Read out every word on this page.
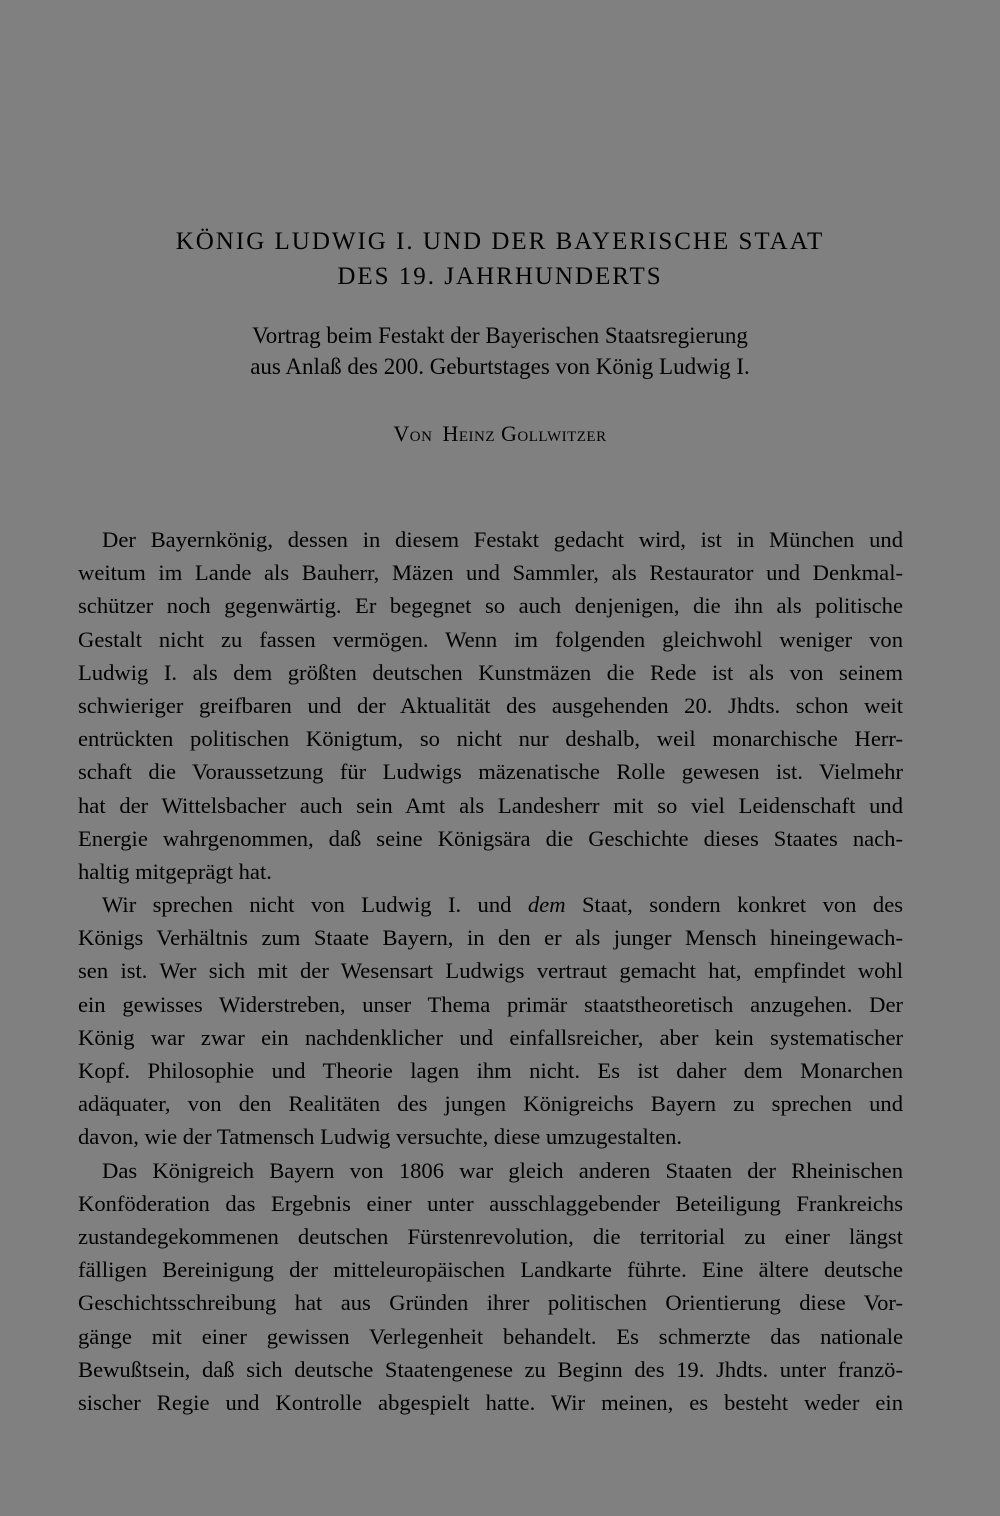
KÖNIG LUDWIG I. UND DER BAYERISCHE STAAT
DES 19. JAHRHUNDERTS
Vortrag beim Festakt der Bayerischen Staatsregierung
aus Anlaß des 200. Geburtstages von König Ludwig I.
Von Heinz Gollwitzer
Der Bayernkönig, dessen in diesem Festakt gedacht wird, ist in München und
weitum im Lande als Bauherr, Mäzen und Sammler, als Restaurator und Denkmal-
schützer noch gegenwärtig. Er begegnet so auch denjenigen, die ihn als politische
Gestalt nicht zu fassen vermögen. Wenn im folgenden gleichwohl weniger von
Ludwig I. als dem größten deutschen Kunstmäzen die Rede ist als von seinem
schwieriger greifbaren und der Aktualität des ausgehenden 20. Jhdts. schon weit
entrückten politischen Königtum, so nicht nur deshalb, weil monarchische Herr-
schaft die Voraussetzung für Ludwigs mäzenatische Rolle gewesen ist. Vielmehr
hat der Wittelsbacher auch sein Amt als Landesherr mit so viel Leidenschaft und
Energie wahrgenommen, daß seine Königsära die Geschichte dieses Staates nach-
haltig mitgeprägt hat.
Wir sprechen nicht von Ludwig I. und dem Staat, sondern konkret von des
Königs Verhältnis zum Staate Bayern, in den er als junger Mensch hineingewach-
sen ist. Wer sich mit der Wesensart Ludwigs vertraut gemacht hat, empfindet wohl
ein gewisses Widerstreben, unser Thema primär staatstheoretisch anzugehen. Der
König war zwar ein nachdenklicher und einfallsreicher, aber kein systematischer
Kopf. Philosophie und Theorie lagen ihm nicht. Es ist daher dem Monarchen
adäquater, von den Realitäten des jungen Königreichs Bayern zu sprechen und
davon, wie der Tatmensch Ludwig versuchte, diese umzugestalten.
Das Königreich Bayern von 1806 war gleich anderen Staaten der Rheinischen
Konföderation das Ergebnis einer unter ausschlaggebender Beteiligung Frankreichs
zustandegekommenen deutschen Fürstenrevolution, die territorial zu einer längst
fälligen Bereinigung der mitteleuropäischen Landkarte führte. Eine ältere deutsche
Geschichtsschreibung hat aus Gründen ihrer politischen Orientierung diese Vor-
gänge mit einer gewissen Verlegenheit behandelt. Es schmerzte das nationale
Bewußtsein, daß sich deutsche Staatengenese zu Beginn des 19. Jhdts. unter franzö-
sischer Regie und Kontrolle abgespielt hatte. Wir meinen, es besteht weder ein
